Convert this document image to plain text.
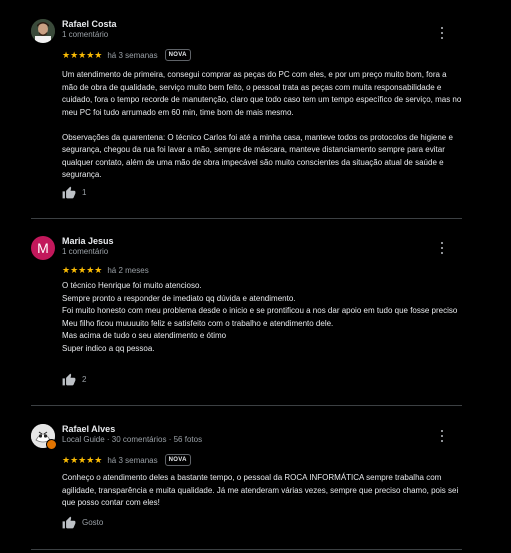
Rafael Costa
1 comentário
★★★★★ há 3 semanas	NOVA

Um atendimento de primeira, consegui comprar as peças do PC com eles, e por um preço muito bom, fora a mão de obra de qualidade, serviço muito bem feito, o pessoal trata as peças com muita responsabilidade e cuidado, fora o tempo recorde de manutenção, claro que todo caso tem um tempo específico de serviço, mas no meu PC foi tudo arrumado em 60 min, time bom de mais mesmo.

Observações da quarentena: O técnico Carlos foi até a minha casa, manteve todos os protocolos de higiene e segurança, chegou da rua foi lavar a mão, sempre de máscara, manteve distanciamento sempre para evitar qualquer contato, além de uma mão de obra impecável são muito conscientes da situação atual de saúde e segurança.

1
M	Maria Jesus
1 comentário
★★★★★ há 2 meses

O técnico Henrique foi muito atencioso.

Sempre pronto a responder de imediato qq dúvida e atendimento.

Foi muito honesto com meu problema desde o inicio e se prontificou a nos dar apoio em tudo que fosse preciso

Meu filho ficou muuuuito feliz e satisfeito com o trabalho e atendimento dele.

Mas acima de tudo o seu atendimento e ótimo

Super indico a qq pessoa.

2
Rafael Alves
Local Guide · 30 comentários · 56 fotos
★★★★★ há 3 semanas	NOVA

Conheço o atendimento deles a bastante tempo, o pessoal da ROCA INFORMÁTICA sempre trabalha com agilidade, transparência e muita qualidade. Já me atenderam várias vezes, sempre que preciso chamo, pois sei que posso contar com eles!

Gosto
